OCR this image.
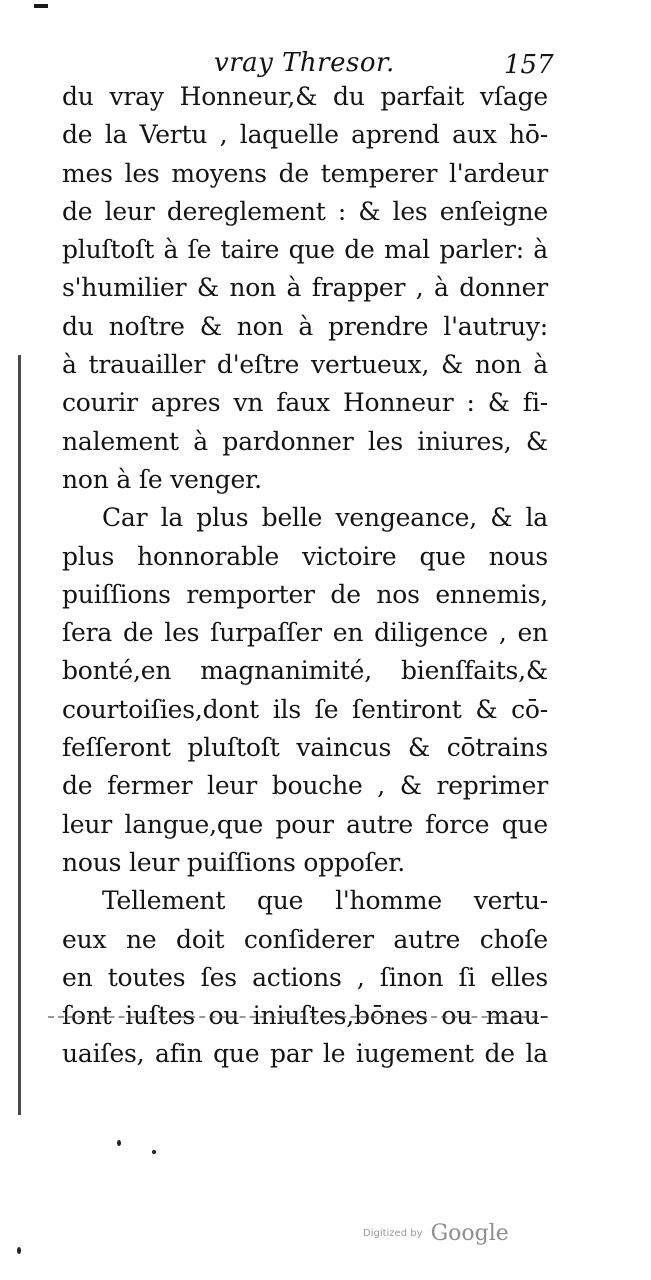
vray Thresor.	157
du vray Honneur,& du parfait vſage
de la Vertu , laquelle aprend aux hō-
mes les moyens de temperer l'ardeur
de leur dereglement : & les enſeigne
pluſtoſt à ſe taire que de mal parler: à
s'humilier & non à frapper , à donner
du noſtre & non à prendre l'autruy:
à trauailler d'eſtre vertueux, & non à
courir apres vn faux Honneur : & fi-
nalement à pardonner les iniures, &
non à ſe venger.
Car la plus belle vengeance, & la
plus honnorable victoire que nous
puiſſions remporter de nos ennemis,
ſera de les ſurpaſſer en diligence , en
bonté,en magnanimité, bienſfaits,&
courtoiſies,dont ils ſe ſentiront & cō-
feſſeront pluſtoſt vaincus & cōtrains
de fermer leur bouche , & reprimer
leur langue,que pour autre force que
nous leur puiſſions oppoſer.
Tellement que l'homme vertu-
eux ne doit conſiderer autre choſe
en toutes ſes actions , ſinon ſi elles
ſont iuſtes ou iniuſtes,bōnes ou mau-
uaiſes, afin que par le iugement de la
Digitized by Google
